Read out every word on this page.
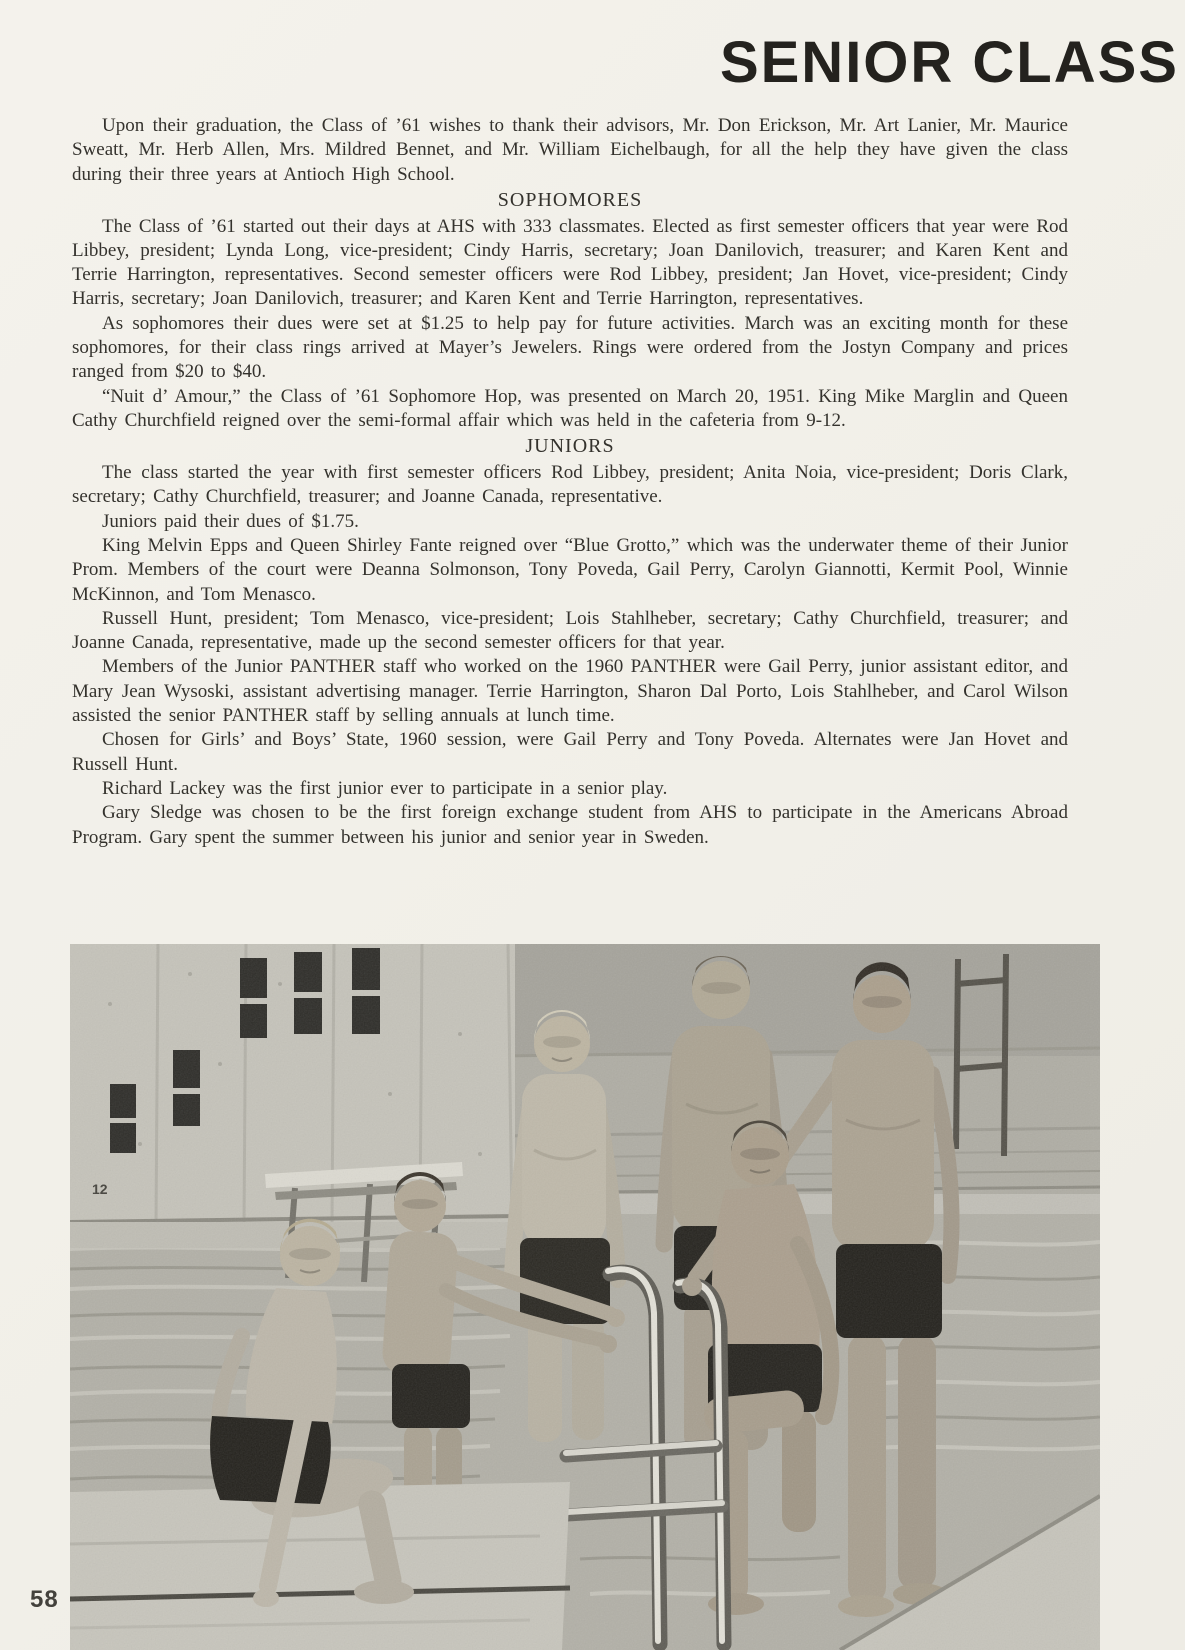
SENIOR CLASS

Upon their graduation, the Class of ’61 wishes to thank their advisors, Mr. Don Erickson, Mr. Art Lanier, Mr. Maurice Sweatt, Mr. Herb Allen, Mrs. Mildred Bennet, and Mr. William Eichelbaugh, for all the help they have given the class during their three years at Antioch High School.

SOPHOMORES

The Class of ’61 started out their days at AHS with 333 classmates. Elected as first semester officers that year were Rod Libbey, president; Lynda Long, vice-president; Cindy Harris, secretary; Joan Danilovich, treasurer; and Karen Kent and Terrie Harrington, representatives. Second semester officers were Rod Libbey, president; Jan Hovet, vice-president; Cindy Harris, secretary; Joan Danilovich, treasurer; and Karen Kent and Terrie Harrington, representatives.

As sophomores their dues were set at $1.25 to help pay for future activities. March was an exciting month for these sophomores, for their class rings arrived at Mayer’s Jewelers. Rings were ordered from the Jostyn Company and prices ranged from $20 to $40.

“Nuit d’ Amour,” the Class of ’61 Sophomore Hop, was presented on March 20, 1951. King Mike Marglin and Queen Cathy Churchfield reigned over the semi-formal affair which was held in the cafeteria from 9-12.

JUNIORS

The class started the year with first semester officers Rod Libbey, president; Anita Noia, vice-president; Doris Clark, secretary; Cathy Churchfield, treasurer; and Joanne Canada, representative.

Juniors paid their dues of $1.75.

King Melvin Epps and Queen Shirley Fante reigned over “Blue Grotto,” which was the underwater theme of their Junior Prom. Members of the court were Deanna Solmonson, Tony Poveda, Gail Perry, Carolyn Giannotti, Kermit Pool, Winnie McKinnon, and Tom Menasco.

Russell Hunt, president; Tom Menasco, vice-president; Lois Stahlheber, secretary; Cathy Churchfield, treasurer; and Joanne Canada, representative, made up the second semester officers for that year.

Members of the Junior PANTHER staff who worked on the 1960 PANTHER were Gail Perry, junior assistant editor, and Mary Jean Wysoski, assistant advertising manager. Terrie Harrington, Sharon Dal Porto, Lois Stahlheber, and Carol Wilson assisted the senior PANTHER staff by selling annuals at lunch time.

Chosen for Girls’ and Boys’ State, 1960 session, were Gail Perry and Tony Poveda. Alternates were Jan Hovet and Russell Hunt.

Richard Lackey was the first junior ever to participate in a senior play.

Gary Sledge was chosen to be the first foreign exchange student from AHS to participate in the Americans Abroad Program. Gary spent the summer between his junior and senior year in Sweden.

58
